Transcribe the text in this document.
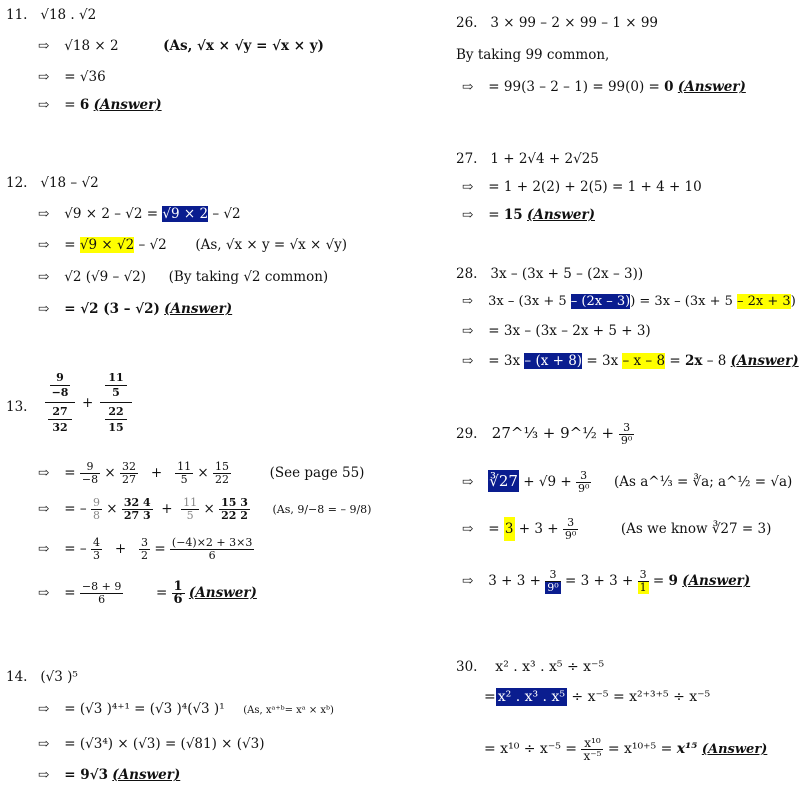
11. √18 . √2
⇨ √18 × 2	(As, √x × √y = √x × y)
⇨ = √36
⇨ = 6 (Answer)
12. √18 – √2
⇨ √9 × 2 – √2 = √9 × 2 – √2
⇨ = √9 × √2 – √2 (As, √x × y = √x × √y)
⇨ √2 (√9 – √2) (By taking √2 common)
⇨ = √2 (3 – √2) (Answer)
13.
9
−8
27
32
+
11
5
22
15
⇨ = $\frac{9}{-8} \times \frac{32}{27} + \frac{11}{5} \times \frac{15}{22}$	(See page 55)
⇨ = – $\frac{9}{8} \times \frac{32 4}{27 3} + \frac{11}{5} \times \frac{15 3}{22 2} (As$, 9/−8 = – 9/8)
⇨ = – $\frac{4}{3} + \frac{3}{2} = \frac{(-4)\times 2 + 3\times 3}{6}$
⇨ = $\frac{-8 + 9}{6} = \frac{1}{6}$ (Answer)
14. (√3 )⁵
⇨ = (√3 )⁴⁺¹ = (√3 )⁴(√3 )¹ (As, xᵃ⁺ᵇ= xᵃ × xᵇ)
⇨ = (√3⁴) × (√3) = (√81) × (√3)
⇨ = 9√3 (Answer)
26. 3 × 99 – 2 × 99 – 1 × 99
By taking 99 common,
⇨ = 99(3 – 2 – 1) = 99(0) = 0 (Answer)
27. 1 + 2√4 + 2√25
⇨ = 1 + 2(2) + 2(5) = 1 + 4 + 10
⇨ = 15 (Answer)
28. 3x – (3x + 5 – (2x – 3))
⇨ 3x – (3x + 5 – (2x – 3)) = 3x – (3x + 5 – 2x + 3)
⇨ = 3x – (3x – 2x + 5 + 3)
⇨ = 3x – (x + 8) = 3x – x – 8 = 2x – 8 (Answer)
29. 27^⅓ + 9^½ + $\frac{3}{\text{9⁰}}$
⇨ ∛27 + $√9 + \frac{3}{\text{9⁰}} (As$ a^⅓ = ∛a; a^½ = √a)
⇨ = $3 + 3 + \frac{3}{\text{9⁰}}$	(As we know ∛27 = 3)
⇨ $3 + 3 + \frac{3}{\text{9⁰}} = 3 + 3 + \frac{3}{1} = 9$ (Answer)
30. x² . x³ . x⁵ ÷ x⁻⁵
= x² . x³ . x⁵ ÷ x⁻⁵ = x²⁺³⁺⁵ ÷ x⁻⁵
= $x^{10} \div x^{-5} = \frac{\text{x¹⁰}}{\text{x⁻⁵}} = x^{10+5} = x^{15}$ (Answer)
